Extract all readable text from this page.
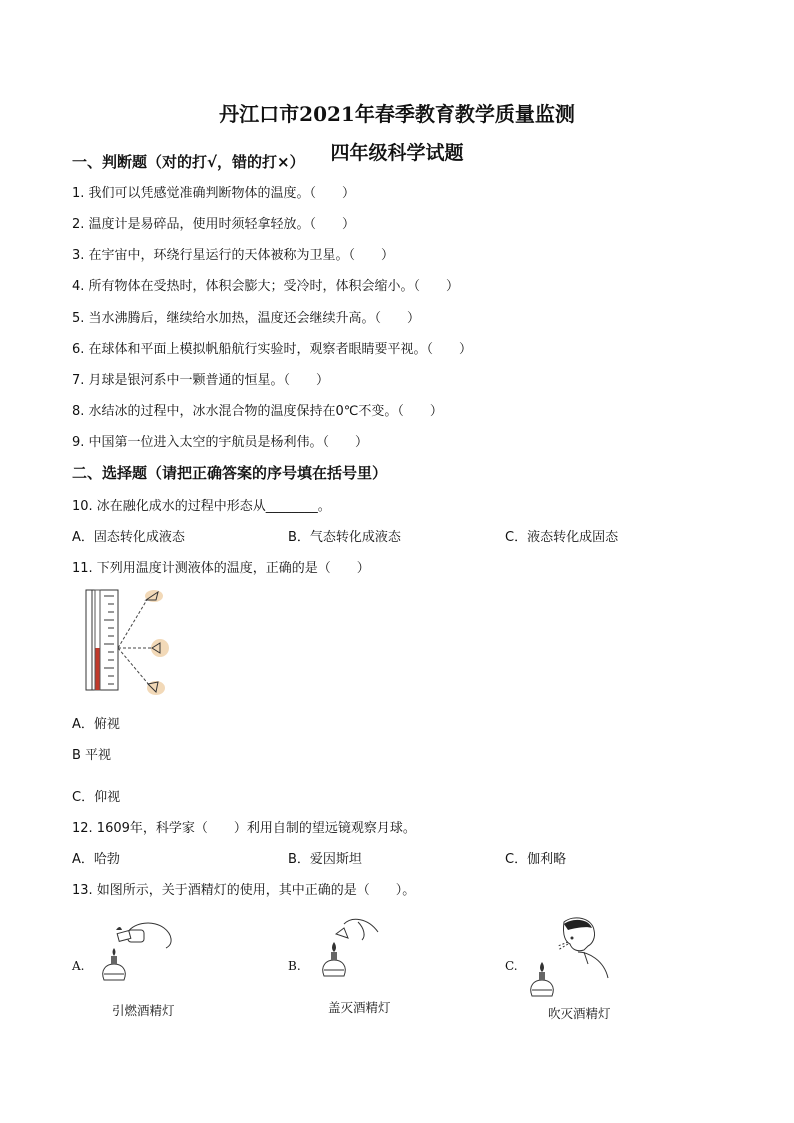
丹江口市2021年春季教育教学质量监测
四年级科学试题
一、判断题（对的打√，错的打×）
1. 我们可以凭感觉准确判断物体的温度。（　　）
2. 温度计是易碎品，使用时须轻拿轻放。（　　）
3. 在宇宙中，环绕行星运行的天体被称为卫星。（　　）
4. 所有物体在受热时，体积会膨大；受冷时，体积会缩小。（　　）
5. 当水沸腾后，继续给水加热，温度还会继续升高。（　　）
6. 在球体和平面上模拟帆船航行实验时，观察者眼睛要平视。（　　）
7. 月球是银河系中一颗普通的恒星。（　　）
8. 水结冰的过程中，冰水混合物的温度保持在0℃不变。（　　）
9. 中国第一位进入太空的宇航员是杨利伟。（　　）
二、选择题（请把正确答案的序号填在括号里）
10. 冰在融化成水的过程中形态从________。
A．固态转化成液态	B．气态转化成液态	C．液态转化成固态
11. 下列用温度计测液体的温度，正确的是（　　）
A．俯视
B 平视
C．仰视
12. 1609年，科学家（　　）利用自制的望远镜观察月球。
A．哈勃	B．爱因斯坦	C．伽利略
13. 如图所示，关于酒精灯的使用，其中正确的是（　　）。
A.
引燃酒精灯
B.
盖灭酒精灯
C.
吹灭酒精灯
